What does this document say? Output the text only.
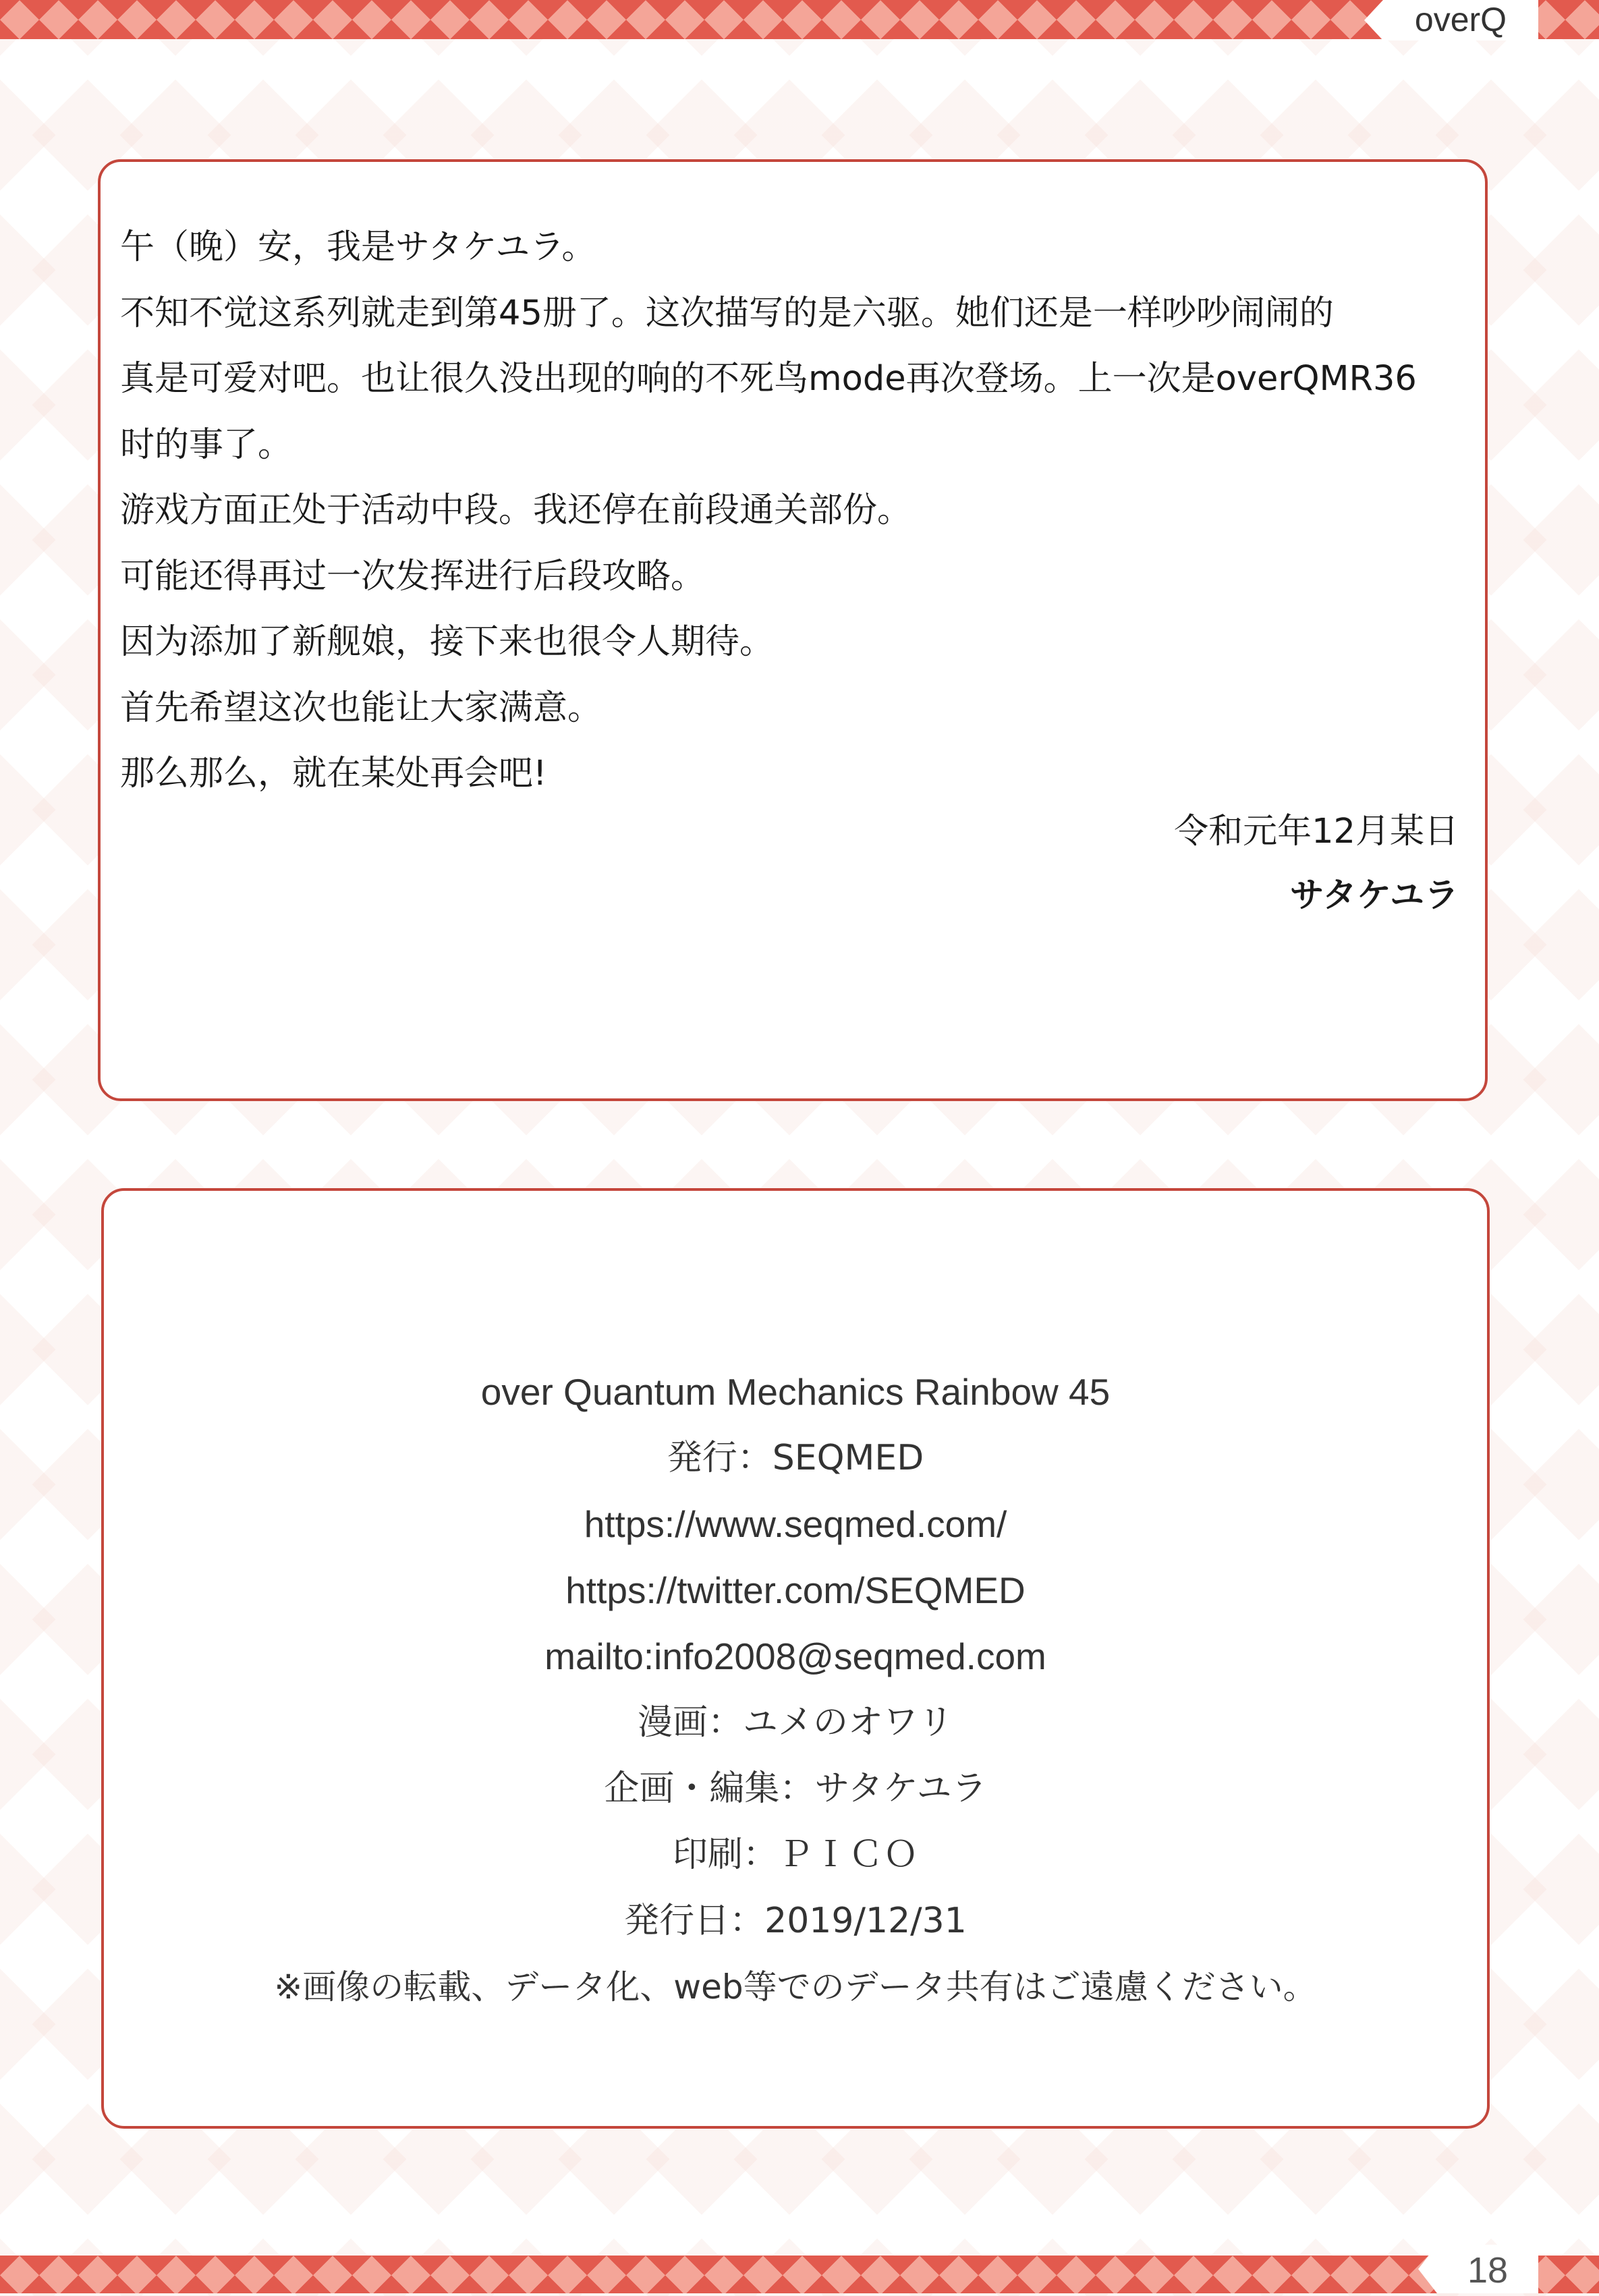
overQ
午（晚）安，我是サタケユラ。
不知不觉这系列就走到第45册了。这次描写的是六驱。她们还是一样吵吵闹闹的
真是可爱对吧。也让很久没出现的响的不死鸟mode再次登场。上一次是overQMR36
时的事了。
游戏方面正处于活动中段。我还停在前段通关部份。
可能还得再过一次发挥进行后段攻略。
因为添加了新舰娘，接下来也很令人期待。
首先希望这次也能让大家满意。
那么那么，就在某处再会吧!
令和元年12月某日
サタケユラ
over Quantum Mechanics Rainbow 45
発行：SEQMED
https://www.seqmed.com/
https://twitter.com/SEQMED
mailto:info2008@seqmed.com
漫画：ユメのオワリ
企画・編集：サタケユラ
印刷：ＰＩＣＯ
発行日：2019/12/31
※画像の転載、データ化、web等でのデータ共有はご遠慮ください。
18
